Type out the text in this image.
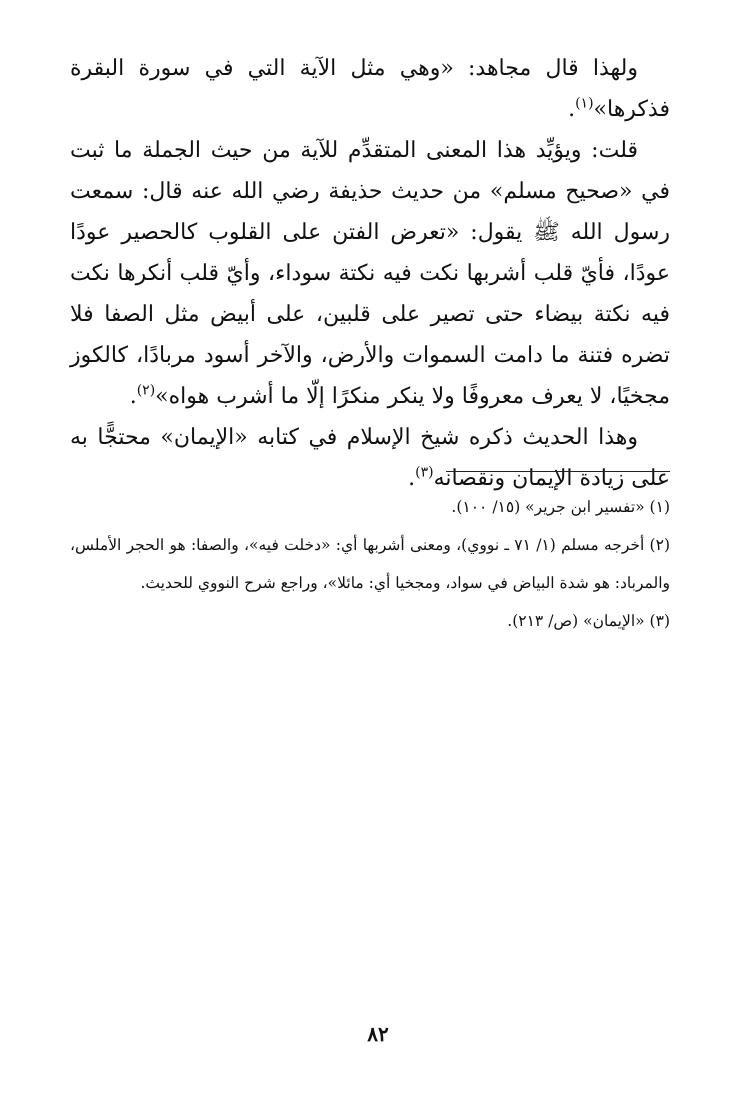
ولهذا قال مجاهد: «وهي مثل الآية التي في سورة البقرة فذكرها»$^{(١)}$.

قلت: ويؤيِّد هذا المعنى المتقدِّم للآية من حيث الجملة ما ثبت في «صحيح مسلم» من حديث حذيفة رضي الله عنه قال: سمعت رسول الله ﷺ يقول: «تعرض الفتن على القلوب كالحصير عودًا عودًا، فأيّ قلب أشربها نكت فيه نكتة سوداء، وأيّ قلب أنكرها نكت فيه نكتة بيضاء حتى تصير على قلبين، على أبيض مثل الصفا فلا تضره فتنة ما دامت السموات والأرض، والآخر أسود مربادًا، كالكوز مجخيًا، لا يعرف معروفًا ولا ينكر منكرًا إلّا ما أشرب هواه»$^{(٢)}$.

وهذا الحديث ذكره شيخ الإسلام في كتابه «الإيمان» محتجًّا به على زيادة الإيمان ونقصانه$^{(٣)}$.

(١) «تفسير ابن جرير» (١٥/ ١٠٠).

(٢) أخرجه مسلم (١/ ٧١ ـ نووي)، ومعنى أشربها أي: «دخلت فيه»، والصفا: هو الحجر الأملس، والمرباد: هو شدة البياض في سواد، ومجخيا أي: مائلا»، وراجع شرح النووي للحديث.

(٣) «الإيمان» (ص/ ٢١٣).

٨٢
